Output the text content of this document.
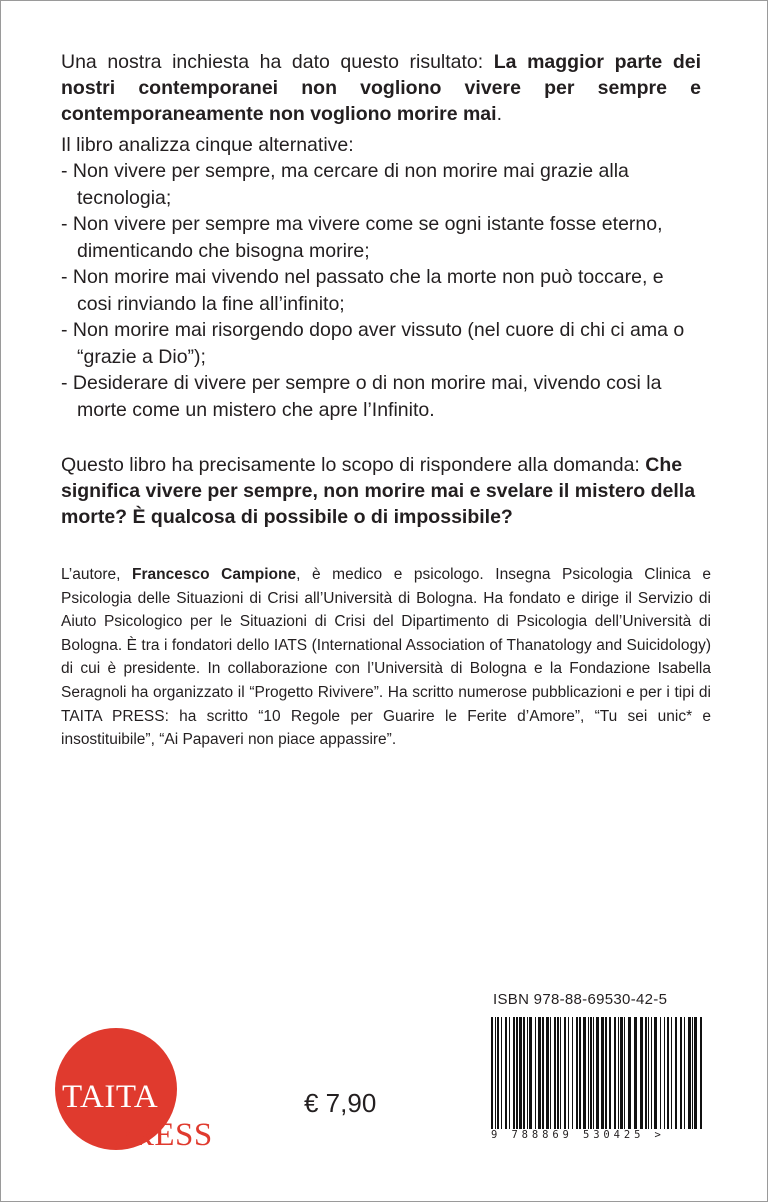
Una nostra inchiesta ha dato questo risultato: La maggior parte dei nostri contemporanei non vogliono vivere per sempre e contemporaneamente non vogliono morire mai.

Il libro analizza cinque alternative:
- Non vivere per sempre, ma cercare di non morire mai grazie alla tecnologia;
- Non vivere per sempre ma vivere come se ogni istante fosse eterno, dimenticando che bisogna morire;
- Non morire mai vivendo nel passato che la morte non può toccare, e cosi rinviando la fine all’infinito;
- Non morire mai risorgendo dopo aver vissuto (nel cuore di chi ci ama o “grazie a Dio”);
- Desiderare di vivere per sempre o di non morire mai, vivendo cosi la morte come un mistero che apre l’Infinito.

Questo libro ha precisamente lo scopo di rispondere alla domanda: Che significa vivere per sempre, non morire mai e svelare il mistero della morte? È qualcosa di possibile o di impossibile?

L’autore, Francesco Campione, è medico e psicologo. Insegna Psicologia Clinica e Psicologia delle Situazioni di Crisi all’Università di Bologna. Ha fondato e dirige il Servizio di Aiuto Psicologico per le Situazioni di Crisi del Dipartimento di Psicologia dell’Università di Bologna. È tra i fondatori dello IATS (International Association of Thanatology and Suicidology) di cui è presidente. In collaborazione con l’Università di Bologna e la Fondazione Isabella Seragnoli ha organizzato il “Progetto Rivivere”. Ha scritto numerose pubblicazioni e per i tipi di TAITA PRESS: ha scritto “10 Regole per Guarire le Ferite d’Amore”, “Tu sei unic* e insostituibile”, “Ai Papaveri non piace appassire”.

ISBN 978-88-69530-42-5
9 788869 530425 >
TAITA
PRESS
€ 7,90
